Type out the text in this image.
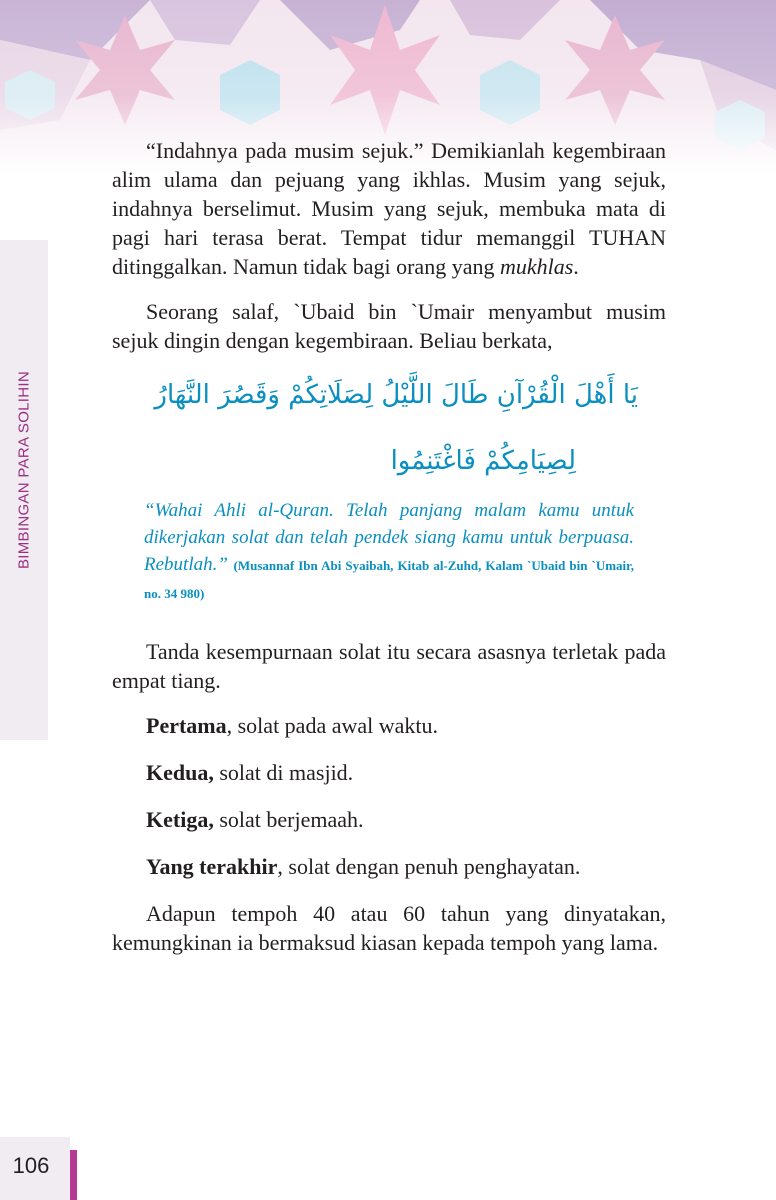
BIMBINGAN PARA SOLIHIN

“Indahnya pada musim sejuk.” Demikianlah kegembiraan alim ulama dan pejuang yang ikhlas. Musim yang sejuk, indahnya berselimut. Musim yang sejuk, membuka mata di pagi hari terasa berat. Tempat tidur memanggil TUHAN ditinggalkan. Namun tidak bagi orang yang mukhlas.

Seorang salaf, `Ubaid bin `Umair menyambut musim sejuk dingin dengan kegembiraan. Beliau berkata,

يَا أَهْلَ الْقُرْآنِ طَالَ اللَّيْلُ لِصَلَاتِكُمْ وَقَصُرَ النَّهَارُ
لِصِيَامِكُمْ فَاغْتَنِمُوا
“Wahai Ahli al-Quran. Telah panjang malam kamu untuk dikerjakan solat dan telah pendek siang kamu untuk berpuasa. Rebutlah.” (Musannaf Ibn Abi Syaibah, Kitab al-Zuhd, Kalam `Ubaid bin `Umair, no. 34 980)

Tanda kesempurnaan solat itu secara asasnya terletak pada empat tiang.

Pertama, solat pada awal waktu.

Kedua, solat di masjid.

Ketiga, solat berjemaah.

Yang terakhir, solat dengan penuh penghayatan.

Adapun tempoh 40 atau 60 tahun yang dinyatakan, kemungkinan ia bermaksud kiasan kepada tempoh yang lama.

106
